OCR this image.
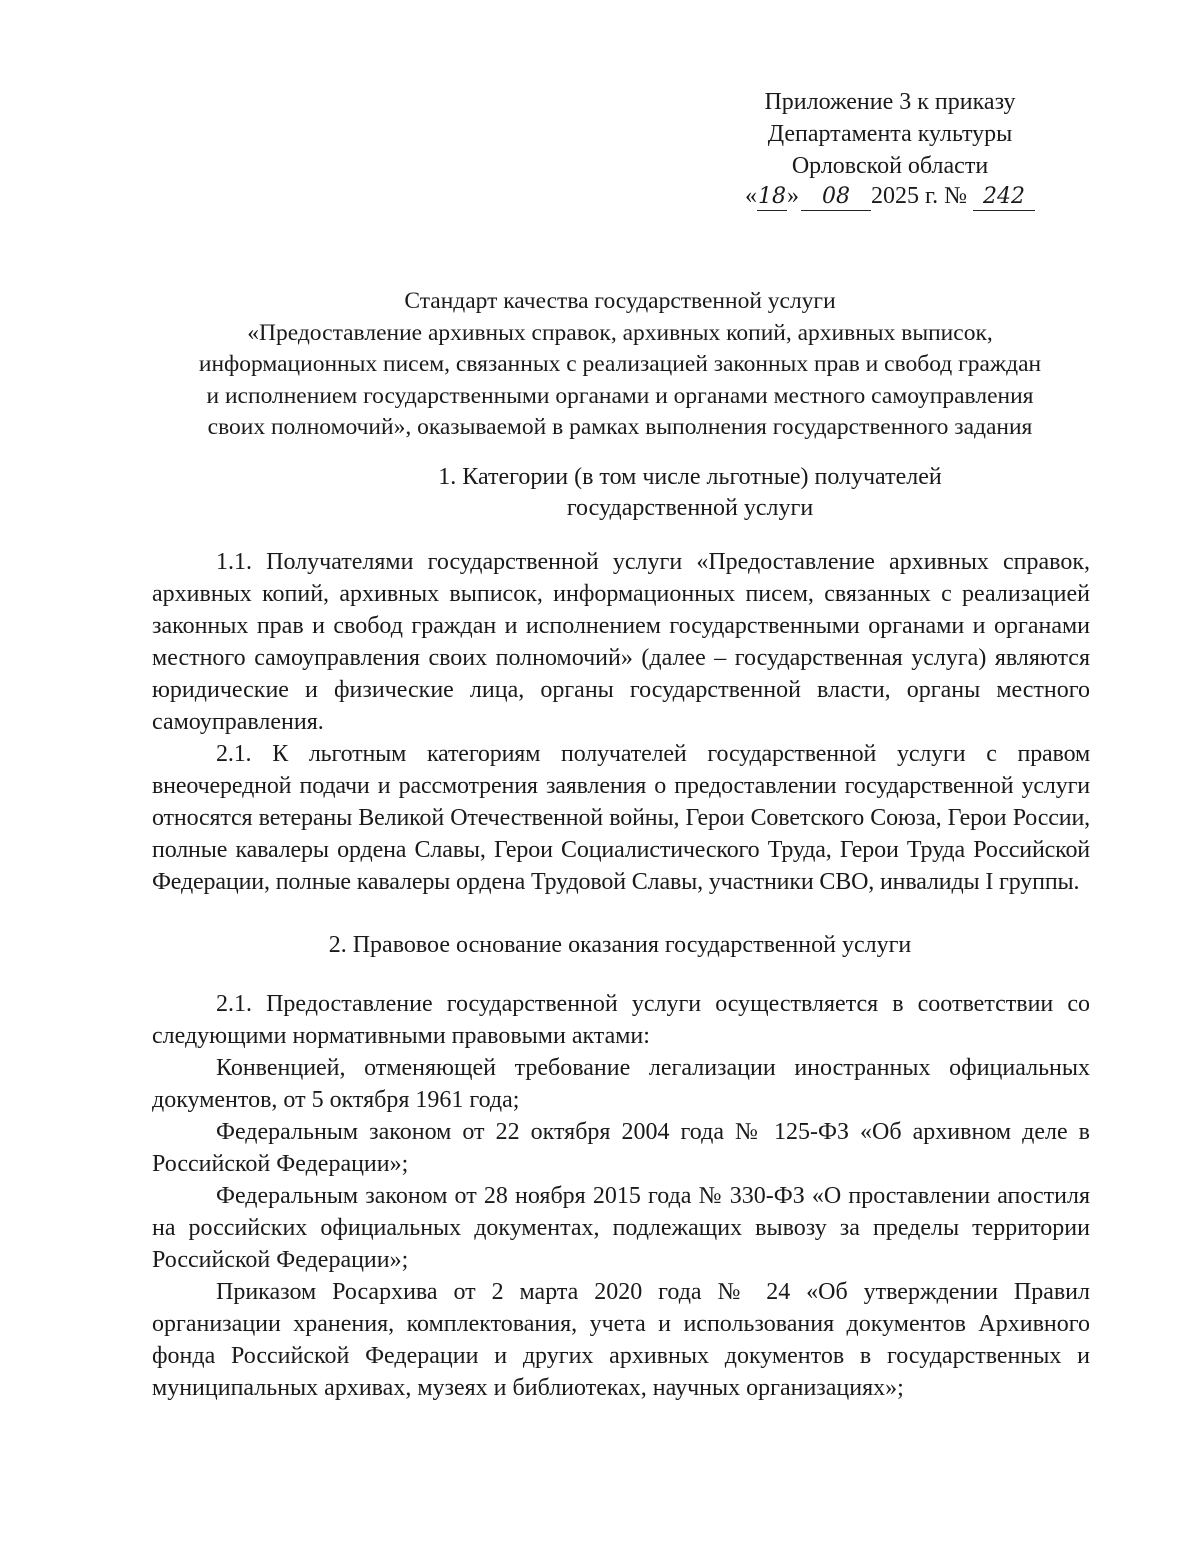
Приложение 3 к приказу
Департамента культуры
Орловской области
«18» 08 2025 г. № 242
Стандарт качества государственной услуги
«Предоставление архивных справок, архивных копий, архивных выписок,
информационных писем, связанных с реализацией законных прав и свобод граждан
и исполнением государственными органами и органами местного самоуправления
своих полномочий», оказываемой в рамках выполнения государственного задания
1. Категории (в том числе льготные) получателей
государственной услуги

1.1. Получателями государственной услуги «Предоставление архивных справок, архивных копий, архивных выписок, информационных писем, связанных с реализацией законных прав и свобод граждан и исполнением государственными органами и органами местного самоуправления своих полномочий» (далее – государственная услуга) являются юридические и физические лица, органы государственной власти, органы местного самоуправления.

2.1. К льготным категориям получателей государственной услуги с правом внеочередной подачи и рассмотрения заявления о предоставлении государственной услуги относятся ветераны Великой Отечественной войны, Герои Советского Союза, Герои России, полные кавалеры ордена Славы, Герои Социалистического Труда, Герои Труда Российской Федерации, полные кавалеры ордена Трудовой Славы, участники СВО, инвалиды I группы.

2. Правовое основание оказания государственной услуги

2.1. Предоставление государственной услуги осуществляется в соответствии со следующими нормативными правовыми актами:

Конвенцией, отменяющей требование легализации иностранных официальных документов, от 5 октября 1961 года;

Федеральным законом от 22 октября 2004 года № 125-ФЗ «Об архивном деле в Российской Федерации»;

Федеральным законом от 28 ноября 2015 года № 330-ФЗ «О проставлении апостиля на российских официальных документах, подлежащих вывозу за пределы территории Российской Федерации»;

Приказом Росархива от 2 марта 2020 года № 24 «Об утверждении Правил организации хранения, комплектования, учета и использования документов Архивного фонда Российской Федерации и других архивных документов в государственных и муниципальных архивах, музеях и библиотеках, научных организациях»;
